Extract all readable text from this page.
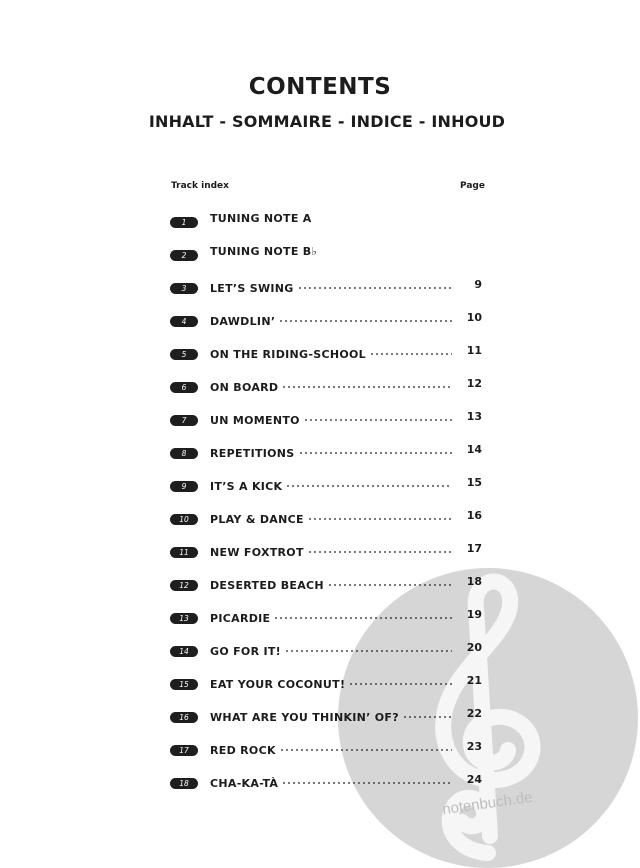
notenbuch.de
CONTENTS
INHALT - SOMMAIRE - INDICE - INHOUD
Track index	Page
1	TUNING NOTE A
2	TUNING NOTE B♭
3	LET’S SWING	9
4	DAWDLIN’	10
5	ON THE RIDING-SCHOOL	11
6	ON BOARD	12
7	UN MOMENTO	13
8	REPETITIONS	14
9	IT’S A KICK	15
10	PLAY & DANCE	16
11	NEW FOXTROT	17
12	DESERTED BEACH	18
13	PICARDIE	19
14	GO FOR IT!	20
15	EAT YOUR COCONUT!	21
16	WHAT ARE YOU THINKIN’ OF?	22
17	RED ROCK	23
18	CHA-KA-TÀ	24
